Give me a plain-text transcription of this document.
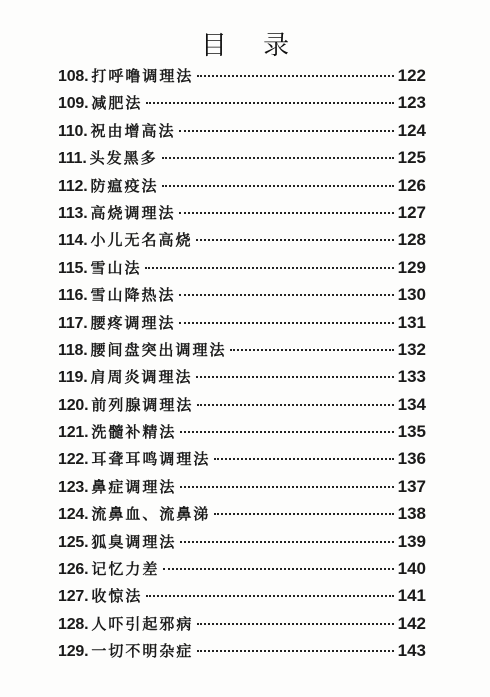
目 录
108. 打呼噜调理法	122
109. 减肥法	123
110. 祝由增高法	124
111. 头发黑多	125
112. 防瘟疫法	126
113. 高烧调理法	127
114. 小儿无名高烧	128
115. 雪山法	129
116. 雪山降热法	130
117. 腰疼调理法	131
118. 腰间盘突出调理法	132
119. 肩周炎调理法	133
120. 前列腺调理法	134
121. 洗髓补精法	135
122. 耳聋耳鸣调理法	136
123. 鼻症调理法	137
124. 流鼻血、流鼻涕	138
125. 狐臭调理法	139
126. 记忆力差	140
127. 收惊法	141
128. 人吓引起邪病	142
129. 一切不明杂症	143
